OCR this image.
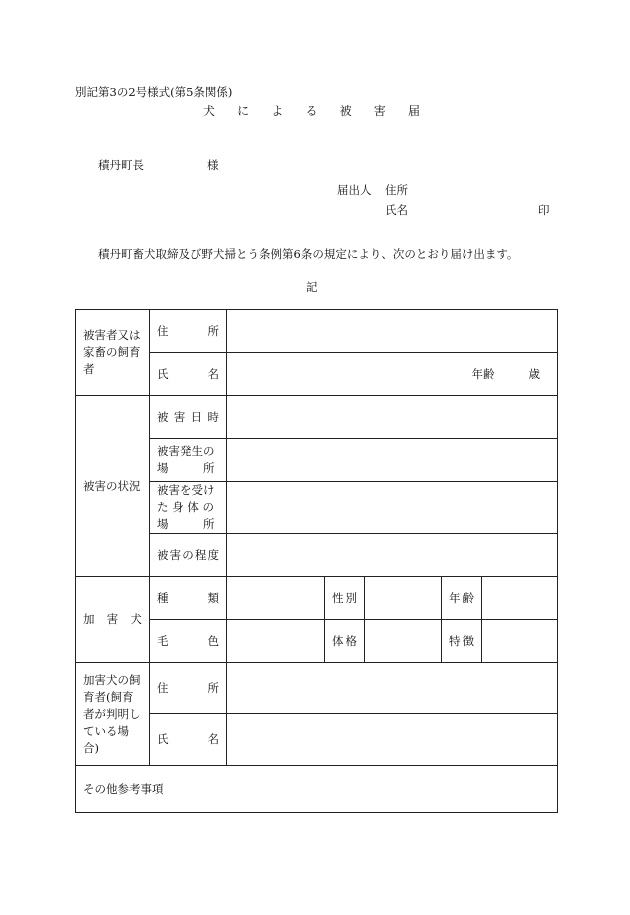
別記第3の2号様式(第5条関係)
犬 に よ る 被 害 届
積丹町長	様
届出人 住所
氏名	印
積丹町畜犬取締及び野犬掃とう条例第6条の規定により、次のとおり届け出ます。
記
被害者又は家畜の飼育者	住 所					

	氏 名	年齢 歳				

被害の状況	被 害 日 時					

	被害発生の場　　　所					
	被害を受けた 身 体 の場　　　所					

	被 害 の 程 度					

加 害 犬	種 類		性 別		年 齢	

	毛 色		体 格		特 徴	

加害犬の飼育者(飼育者が判明している場合)	住 所					

	氏 名					

その他参考事項						
